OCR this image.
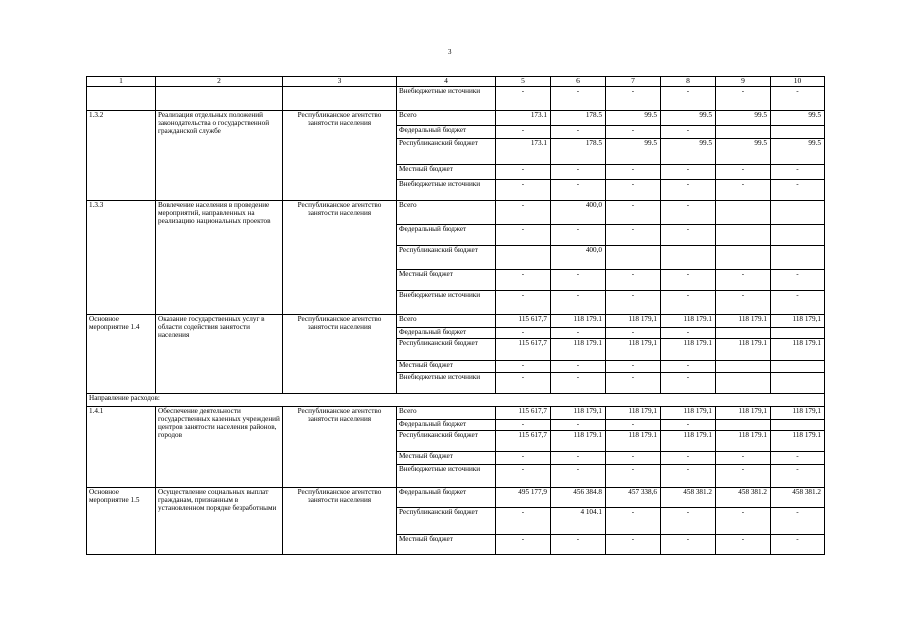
3
1	2	3	4	5	6	7	8	9	10
			Внебюджетные источники	-	-	-	-	-	-
1.3.2	Реализация отдельных положений законодательства о государственной гражданской службе	Республиканское агентство занятости населения	Всего	173.1	178.5	99.5	99.5	99.5	99.5
			Федеральный бюджет	-	-	-	-		
			Республиканский бюджет	173.1	178.5	99.5	99.5	99.5	99.5
			Местный бюджет	-	-	-	-	-	-
			Внебюджетные источники	-	-	-	-	-	-
1.3.3	Вовлечение населения в проведение мероприятий, направленных на реализацию национальных проектов	Республиканское агентство занятости населения	Всего	-	400,0	-	-		
			Федеральный бюджет	-	-	-	-		
			Республиканский бюджет		400,0				
			Местный бюджет	-	-	-	-	-	-
			Внебюджетные источники	-	-	-	-	-	-
Основное мероприятие 1.4	Оказание государственных услуг в области содействия занятости населения	Республиканское агентство занятости населения	Всего	115 617,7	118 179.1	118 179,1	118 179.1	118 179.1	118 179,1
			Федеральный бюджет	-	-	-	-		
			Республиканский бюджет	115 617,7	118 179.1	118 179,1	118 179.1	118 179.1	118 179.1
			Местный бюджет	-	-	-	-		
			Внебюджетные источники	-	-	-	-		
Направление расходов:									
1.4.1	Обеспечение деятельности государственных казенных учреждений центров занятости населения районов, городов	Республиканское агентство занятости населения	Всего	115 617,7	118 179,1	118 179,1	118 179,1	118 179,1	118 179,1
			Федеральный бюджет	-	-	-	-		
			Республиканский бюджет	115 617,7	118 179.1	118 179.1	118 179.1	118 179.1	118 179.1
			Местный бюджет	-	-	-	-	-	-
			Внебюджетные источники	-	-	-	-	-	-
Основное мероприятие 1.5	Осуществление социальных выплат гражданам, признанным в установленном порядке безработными	Республиканское агентство занятости населения	Федеральный бюджет	495 177,9	456 384.8	457 338,6	458 381.2	458 381.2	458 381.2
			Республиканский бюджет	-	4 104.1	-	-	-	-
			Местный бюджет	-	-	-	-	-	-
